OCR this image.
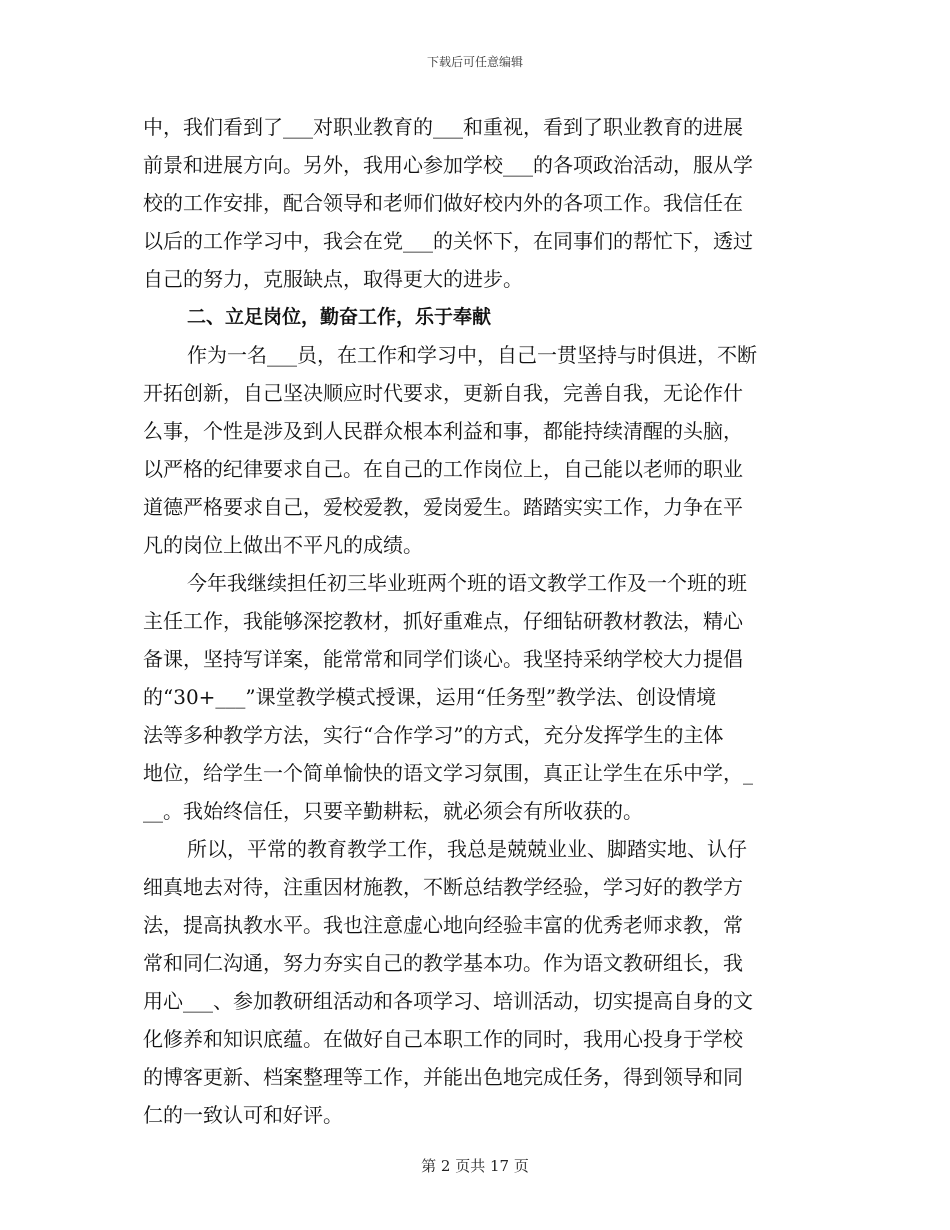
下载后可任意编辑
中，我们看到了___对职业教育的___和重视，看到了职业教育的进展
前景和进展方向。另外，我用心参加学校___的各项政治活动，服从学
校的工作安排，配合领导和老师们做好校内外的各项工作。我信任在
以后的工作学习中，我会在党___的关怀下，在同事们的帮忙下，透过
自己的努力，克服缺点，取得更大的进步。
二、立足岗位，勤奋工作，乐于奉献
作为一名___员，在工作和学习中，自己一贯坚持与时俱进，不断
开拓创新，自己坚决顺应时代要求，更新自我，完善自我，无论作什
么事，个性是涉及到人民群众根本利益和事，都能持续清醒的头脑，
以严格的纪律要求自己。在自己的工作岗位上，自己能以老师的职业
道德严格要求自己，爱校爱教，爱岗爱生。踏踏实实工作，力争在平
凡的岗位上做出不平凡的成绩。
今年我继续担任初三毕业班两个班的语文教学工作及一个班的班
主任工作，我能够深挖教材，抓好重难点，仔细钻研教材教法，精心
备课，坚持写详案，能常常和同学们谈心。我坚持采纳学校大力提倡
的“30+___”课堂教学模式授课，运用“任务型”教学法、创设情境
法等多种教学方法，实行“合作学习”的方式，充分发挥学生的主体
地位，给学生一个简单愉快的语文学习氛围，真正让学生在乐中学，_
__。我始终信任，只要辛勤耕耘，就必须会有所收获的。
所以，平常的教育教学工作，我总是兢兢业业、脚踏实地、认仔
细真地去对待，注重因材施教，不断总结教学经验，学习好的教学方
法，提高执教水平。我也注意虚心地向经验丰富的优秀老师求教，常
常和同仁沟通，努力夯实自己的教学基本功。作为语文教研组长，我
用心___、参加教研组活动和各项学习、培训活动，切实提高自身的文
化修养和知识底蕴。在做好自己本职工作的同时，我用心投身于学校
的博客更新、档案整理等工作，并能出色地完成任务，得到领导和同
仁的一致认可和好评。
第 2 页共 17 页
